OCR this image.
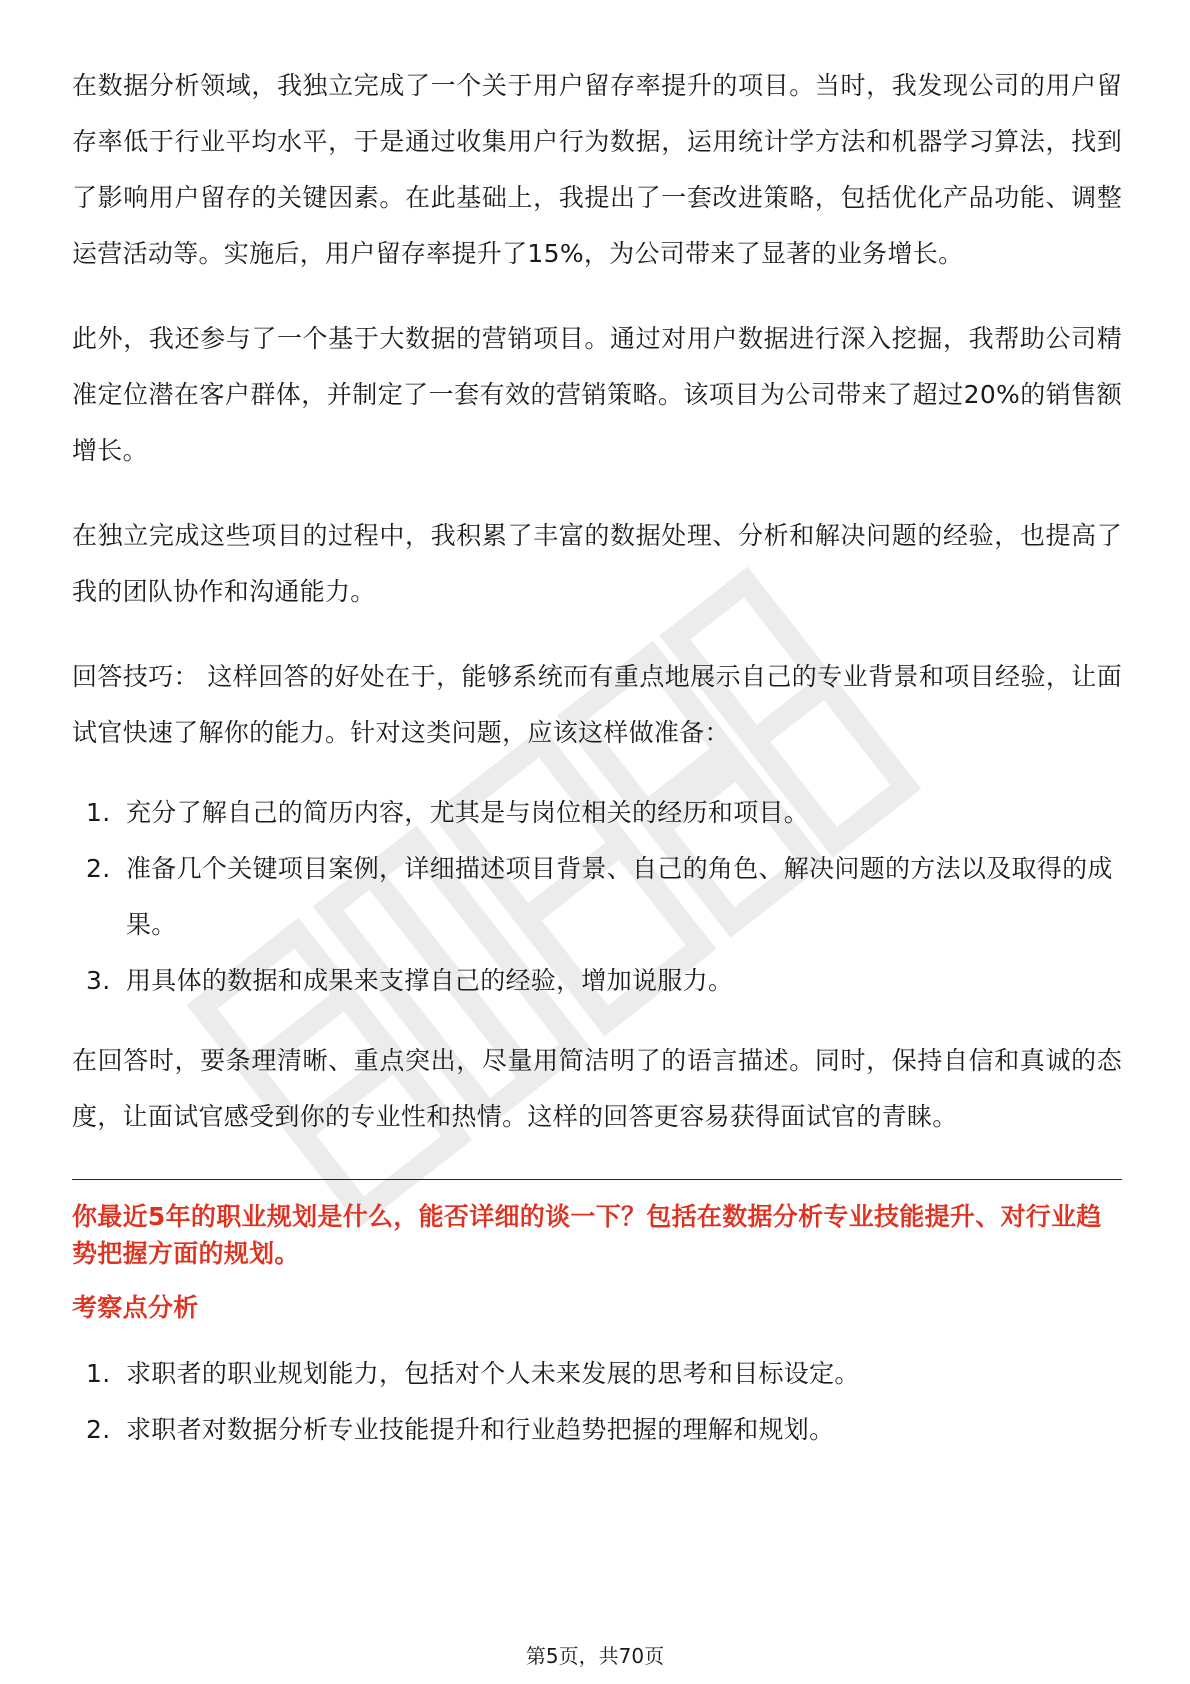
在数据分析领域，我独立完成了一个关于用户留存率提升的项目。当时，我发现公司的用户留存率低于行业平均水平，于是通过收集用户行为数据，运用统计学方法和机器学习算法，找到了影响用户留存的关键因素。在此基础上，我提出了一套改进策略，包括优化产品功能、调整运营活动等。实施后，用户留存率提升了15%，为公司带来了显著的业务增长。

此外，我还参与了一个基于大数据的营销项目。通过对用户数据进行深入挖掘，我帮助公司精准定位潜在客户群体，并制定了一套有效的营销策略。该项目为公司带来了超过20%的销售额增长。

在独立完成这些项目的过程中，我积累了丰富的数据处理、分析和解决问题的经验，也提高了我的团队协作和沟通能力。

回答技巧： 这样回答的好处在于，能够系统而有重点地展示自己的专业背景和项目经验，让面试官快速了解你的能力。针对这类问题，应该这样做准备：

1. 充分了解自己的简历内容，尤其是与岗位相关的经历和项目。
2. 准备几个关键项目案例，详细描述项目背景、自己的角色、解决问题的方法以及取得的成果。
3. 用具体的数据和成果来支撑自己的经验，增加说服力。

在回答时，要条理清晰、重点突出，尽量用简洁明了的语言描述。同时，保持自信和真诚的态度，让面试官感受到你的专业性和热情。这样的回答更容易获得面试官的青睐。

你最近5年的职业规划是什么，能否详细的谈一下？包括在数据分析专业技能提升、对行业趋势把握方面的规划。

考察点分析

1. 求职者的职业规划能力，包括对个人未来发展的思考和目标设定。
2. 求职者对数据分析专业技能提升和行业趋势把握的理解和规划。
第5页，共70页
